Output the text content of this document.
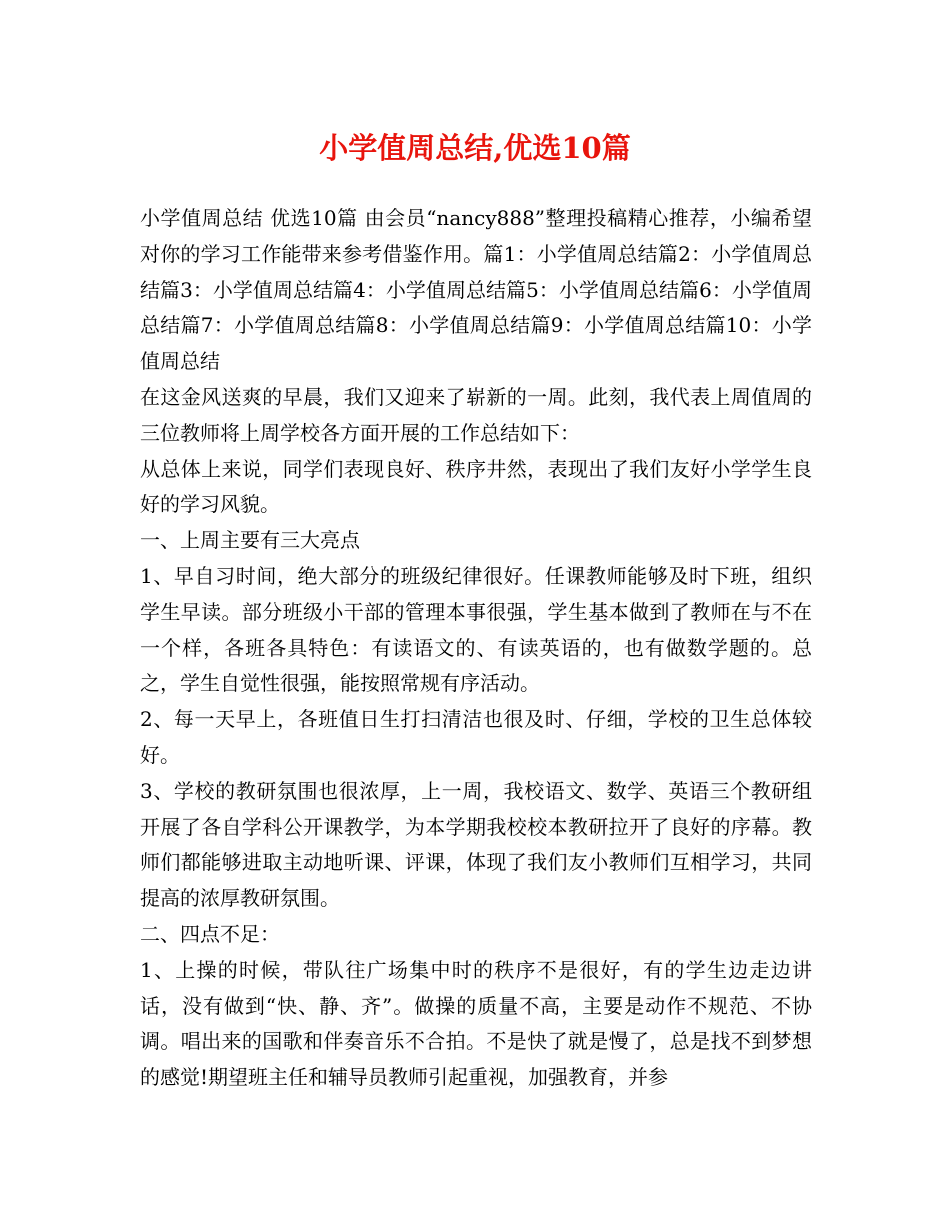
小学值周总结,优选10篇

小学值周总结 优选10篇 由会员“nancy888”整理投稿精心推荐，小编希望对你的学习工作能带来参考借鉴作用。篇1：小学值周总结篇2：小学值周总结篇3：小学值周总结篇4：小学值周总结篇5：小学值周总结篇6：小学值周总结篇7：小学值周总结篇8：小学值周总结篇9：小学值周总结篇10：小学值周总结

在这金风送爽的早晨，我们又迎来了崭新的一周。此刻，我代表上周值周的三位教师将上周学校各方面开展的工作总结如下：

从总体上来说，同学们表现良好、秩序井然，表现出了我们友好小学学生良好的学习风貌。

一、上周主要有三大亮点

1、早自习时间，绝大部分的班级纪律很好。任课教师能够及时下班，组织学生早读。部分班级小干部的管理本事很强，学生基本做到了教师在与不在一个样，各班各具特色：有读语文的、有读英语的，也有做数学题的。总之，学生自觉性很强，能按照常规有序活动。

2、每一天早上，各班值日生打扫清洁也很及时、仔细，学校的卫生总体较好。

3、学校的教研氛围也很浓厚，上一周，我校语文、数学、英语三个教研组开展了各自学科公开课教学，为本学期我校校本教研拉开了良好的序幕。教师们都能够进取主动地听课、评课，体现了我们友小教师们互相学习，共同提高的浓厚教研氛围。

二、四点不足：

1、上操的时候，带队往广场集中时的秩序不是很好，有的学生边走边讲话，没有做到“快、静、齐”。做操的质量不高，主要是动作不规范、不协调。唱出来的国歌和伴奏音乐不合拍。不是快了就是慢了，总是找不到梦想的感觉!期望班主任和辅导员教师引起重视，加强教育，并参
